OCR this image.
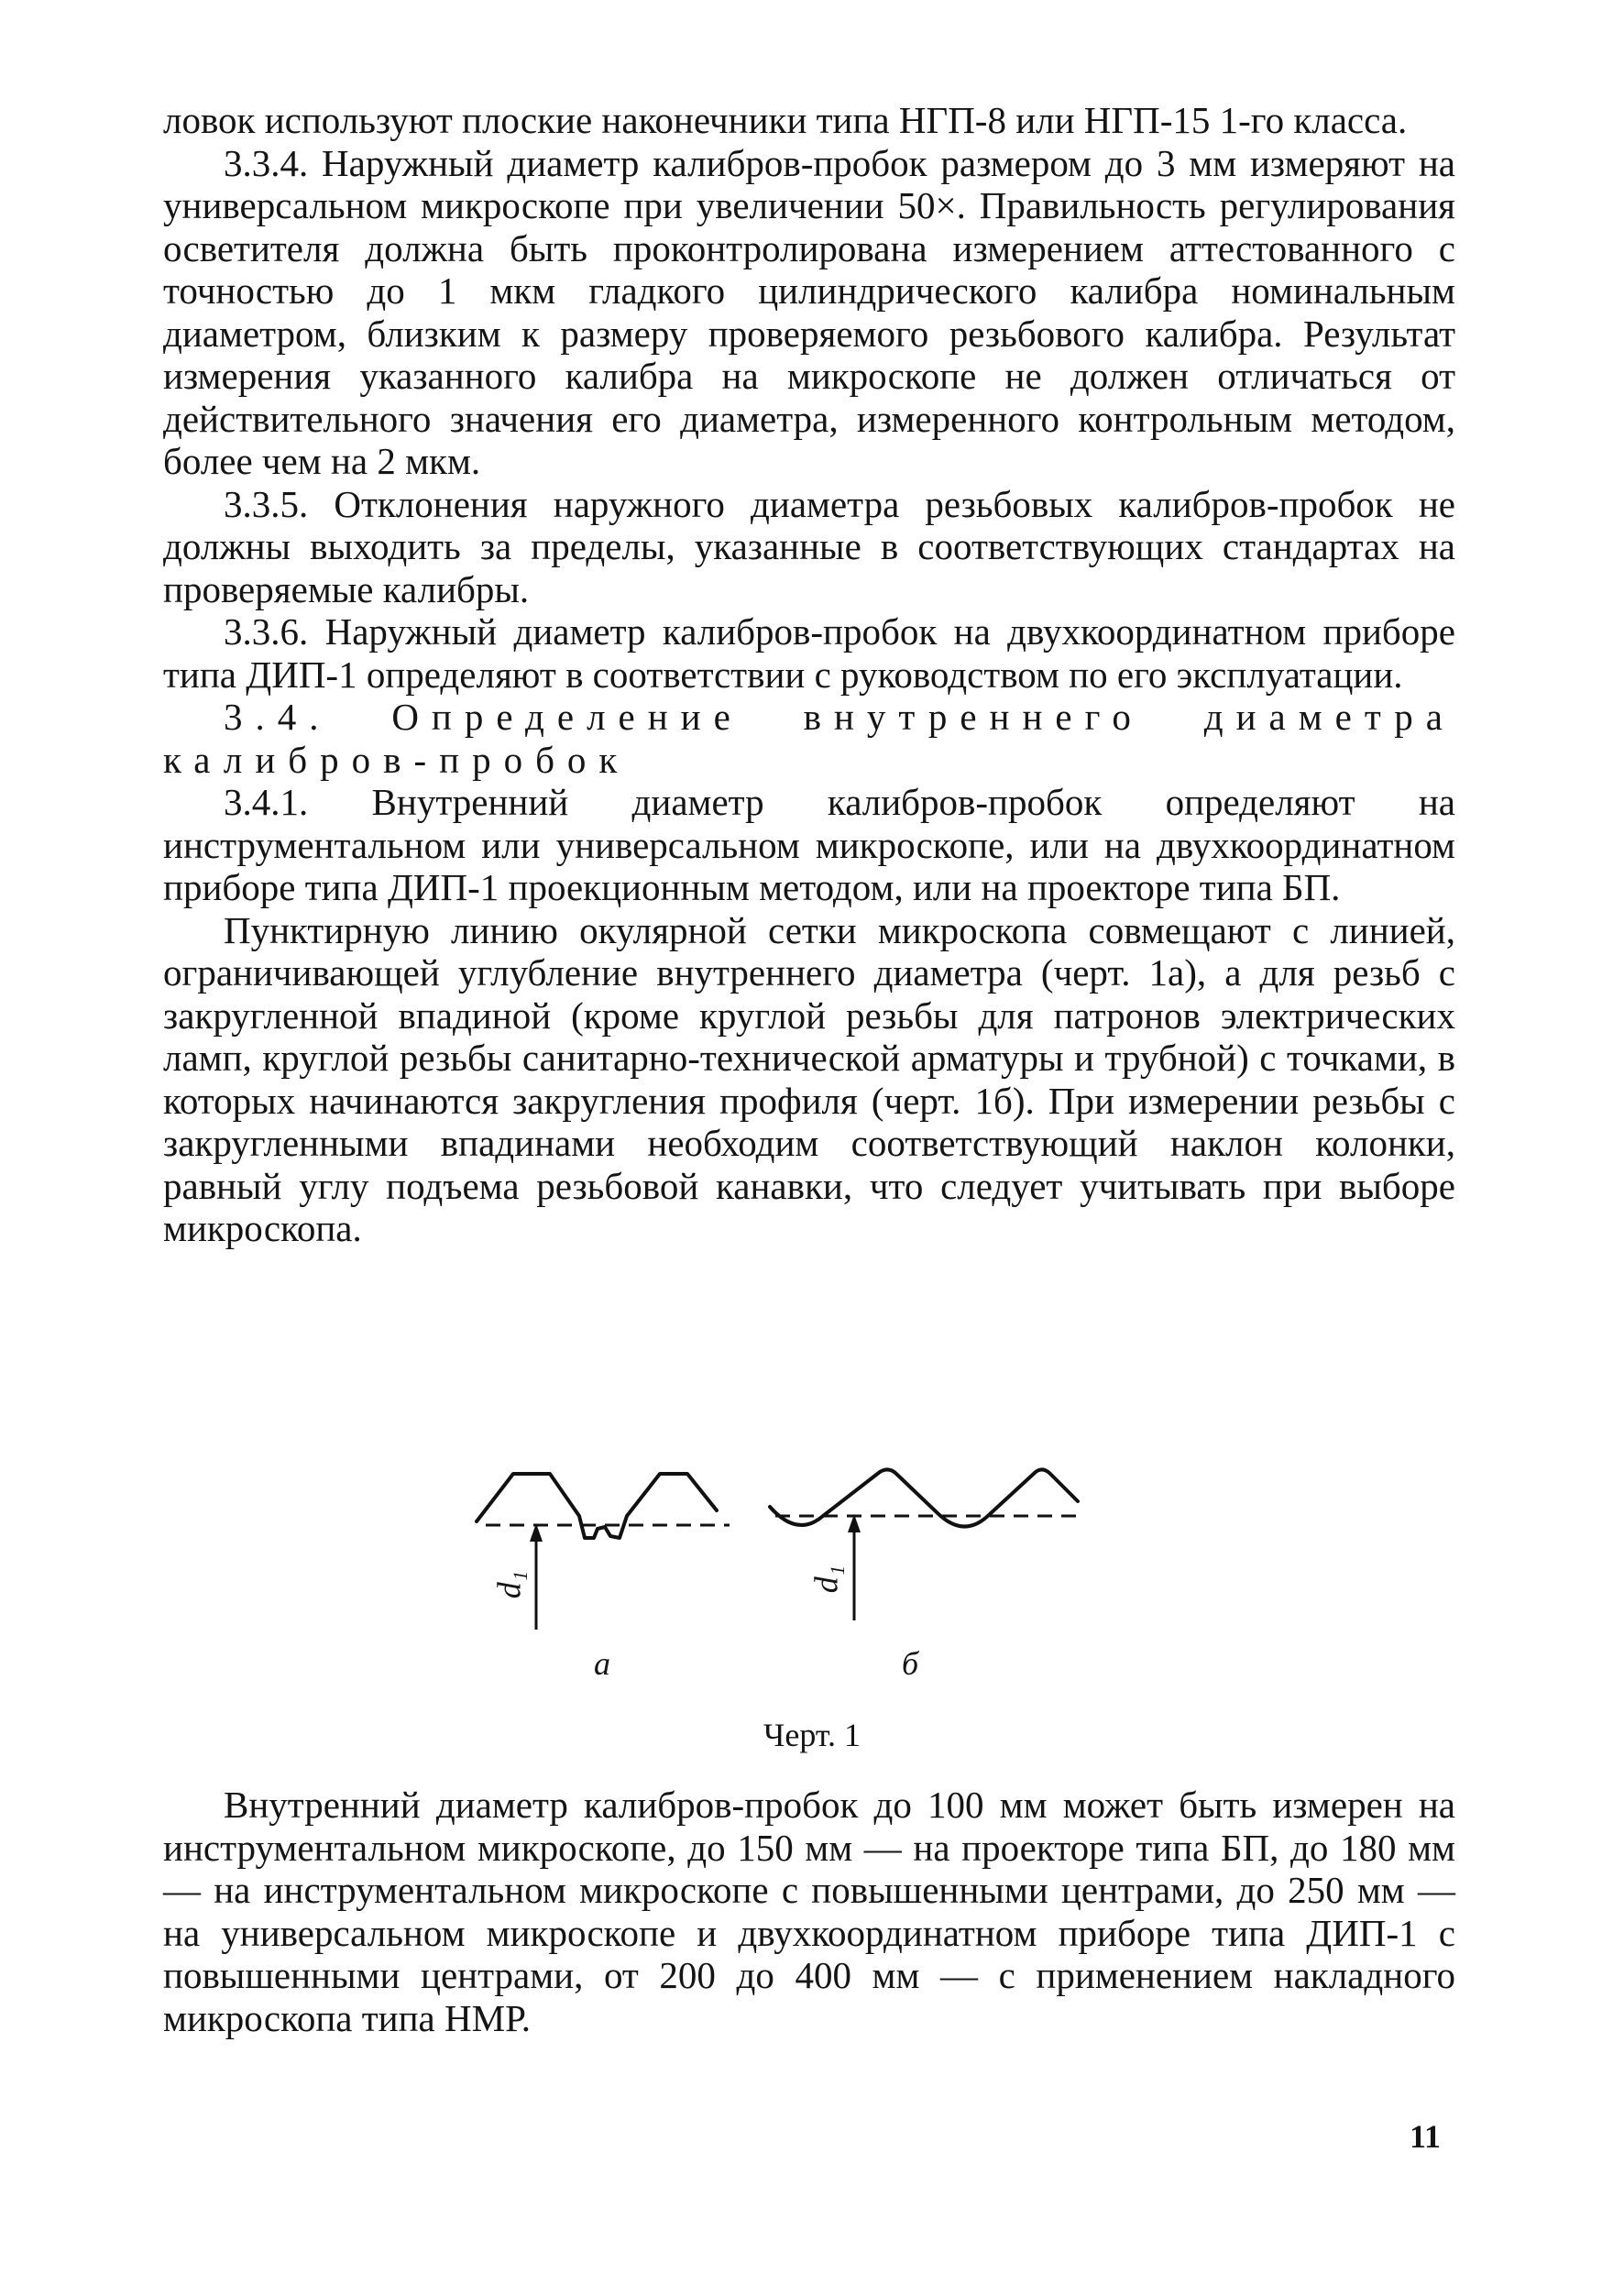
ловок используют плоские наконечники типа НГП-8 или НГП-15 1-го класса.

3.3.4. Наружный диаметр калибров-пробок размером до 3 мм измеряют на универсальном микроскопе при увеличении 50×. Правильность регулирования осветителя должна быть проконтролирована измерением аттестованного с точностью до 1 мкм гладкого цилиндрического калибра номинальным диаметром, близким к размеру проверяемого резьбового калибра. Результат измерения указанного калибра на микроскопе не должен отличаться от действительного значения его диаметра, измеренного контрольным методом, более чем на 2 мкм.

3.3.5. Отклонения наружного диаметра резьбовых калибров-пробок не должны выходить за пределы, указанные в соответствующих стандартах на проверяемые калибры.

3.3.6. Наружный диаметр калибров-пробок на двухкоординатном приборе типа ДИП-1 определяют в соответствии с руководством по его эксплуатации.

3.4. Определение внутреннего диаметра калибров-пробок

3.4.1. Внутренний диаметр калибров-пробок определяют на инструментальном или универсальном микроскопе, или на двухкоординатном приборе типа ДИП-1 проекционным методом, или на проекторе типа БП.

Пунктирную линию окулярной сетки микроскопа совмещают с линией, ограничивающей углубление внутреннего диаметра (черт. 1а), а для резьб с закругленной впадиной (кроме круглой резьбы для патронов электрических ламп, круглой резьбы санитарно-технической арматуры и трубной) с точками, в которых начинаются закругления профиля (черт. 1б). При измерении резьбы с закругленными впадинами необходим соответствующий наклон колонки, равный углу подъема резьбовой канавки, что следует учитывать при выборе микроскопа.

d₁	d₁
а	б
Черт. 1

Внутренний диаметр калибров-пробок до 100 мм может быть измерен на инструментальном микроскопе, до 150 мм — на проекторе типа БП, до 180 мм — на инструментальном микроскопе с повышенными центрами, до 250 мм — на универсальном микроскопе и двухкоординатном приборе типа ДИП-1 с повышенными центрами, от 200 до 400 мм — с применением накладного микроскопа типа НМР.

11
